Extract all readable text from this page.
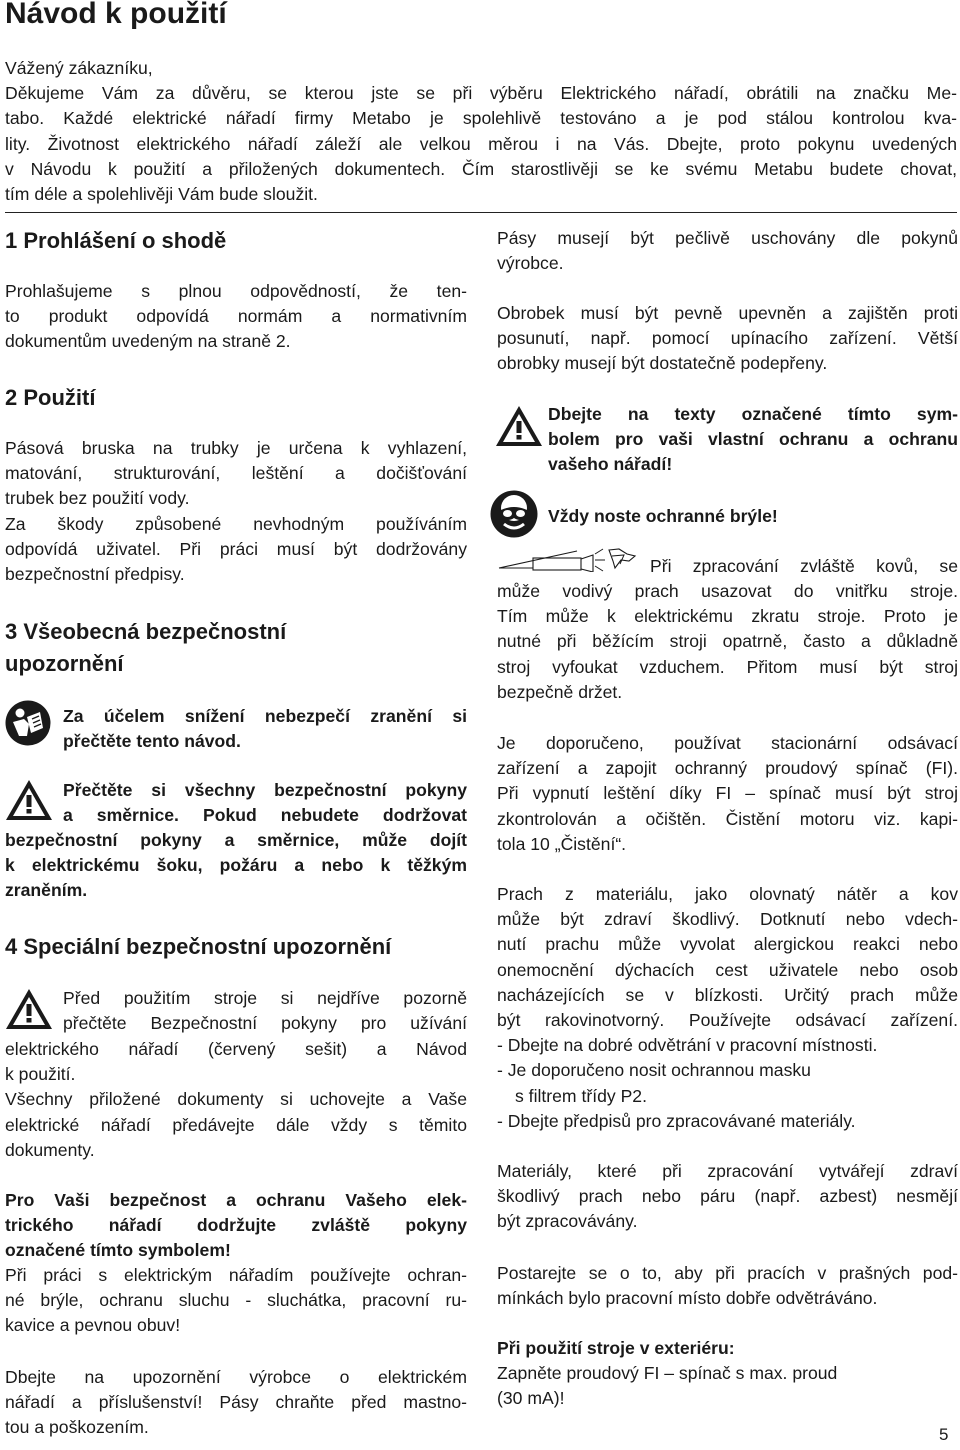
Návod k použití

Vážený zákazníku,

Děkujeme Vám za důvěru, se kterou jste se při výběru Elektrického nářadí, obrátili na značku Me-

tabo. Každé elektrické nářadí firmy Metabo je spolehlivě testováno a je pod stálou kontrolou kva-

lity. Životnost elektrického nářadí záleží ale velkou měrou i na Vás. Dbejte, proto pokynu uvedených

v Návodu k použití a přiložených dokumentech. Čím starostlivěji se ke svému Metabu budete chovat,

tím déle a spolehlivěji Vám bude sloužit.

1 Prohlášení o shodě

Prohlašujeme s plnou odpovědností, že ten-

to produkt odpovídá normám a normativním

dokumentům uvedeným na straně 2.

2 Použití

Pásová bruska na trubky je určena k vyhlazení,

matování, strukturování, leštění a dočišťování

trubek bez použití vody.

Za škody způsobené nevhodným používáním

odpovídá uživatel. Při práci musí být dodržovány

bezpečnostní předpisy.

3 Všeobecná bezpečnostní
upozornění

Za účelem snížení nebezpečí zranění si

přečtěte tento návod.

Přečtěte si všechny bezpečnostní pokyny

a směrnice. Pokud nebudete dodržovat

bezpečnostní pokyny a směrnice, může dojít

k elektrickému šoku, požáru a nebo k těžkým

zraněním.

4 Speciální bezpečnostní upozornění

Před použitím stroje si nejdříve pozorně

přečtěte Bezpečnostní pokyny pro užívání

elektrického nářadí (červený sešit) a Návod

k použití.

Všechny přiložené dokumenty si uchovejte a Vaše

elektrické nářadí předávejte dále vždy s těmito

dokumenty.

Pro Vaši bezpečnost a ochranu Vašeho elek-

trického nářadí dodržujte zvláště pokyny

označené tímto symbolem!

Při práci s elektrickým nářadím používejte ochran-

né brýle, ochranu sluchu - sluchátka, pracovní ru-

kavice a pevnou obuv!

Dbejte na upozornění výrobce o elektrickém

nářadí a příslušenství! Pásy chraňte před mastno-

tou a poškozením.

Pásy musejí být pečlivě uschovány dle pokynů

výrobce.

Obrobek musí být pevně upevněn a zajištěn proti

posunutí, např. pomocí upínacího zařízení. Větší

obrobky musejí být dostatečně podepřeny.

Dbejte na texty označené tímto sym-

bolem pro vaši vlastní ochranu a ochranu

vašeho nářadí!

Vždy noste ochranné brýle!

Při zpracování zvláště kovů, se

může vodivý prach usazovat do vnitřku stroje.

Tím může k elektrickému zkratu stroje. Proto je

nutné při běžícím stroji opatrně, často a důkladně

stroj vyfoukat vzduchem. Přitom musí být stroj

bezpečně držet.

Je doporučeno, používat stacionární odsávací

zařízení a zapojit ochranný proudový spínač (FI).

Při vypnutí leštění díky FI – spínač musí být stroj

zkontrolován a očištěn. Čistění motoru viz. kapi-

tola 10 „Čistění“.

Prach z materiálu, jako olovnatý nátěr a kov

může být zdraví škodlivý. Dotknutí nebo vdech-

nutí prachu může vyvolat alergickou reakci nebo

onemocnění dýchacích cest uživatele nebo osob

nacházejících se v blízkosti. Určitý prach může

být rakovinotvorný. Používejte odsávací zařízení.

- Dbejte na dobré odvětrání v pracovní místnosti.

- Je doporučeno nosit ochrannou masku

s filtrem třídy P2.

- Dbejte předpisů pro zpracovávané materiály.

Materiály, které při zpracování vytvářejí zdraví

škodlivý prach nebo páru (např. azbest) nesmějí

být zpracovávány.

Postarejte se o to, aby při pracích v prašných pod-

mínkách bylo pracovní místo dobře odvětráváno.

Při použití stroje v exteriéru:

Zapněte proudový FI – spínač s max. proud

(30 mA)!

5
